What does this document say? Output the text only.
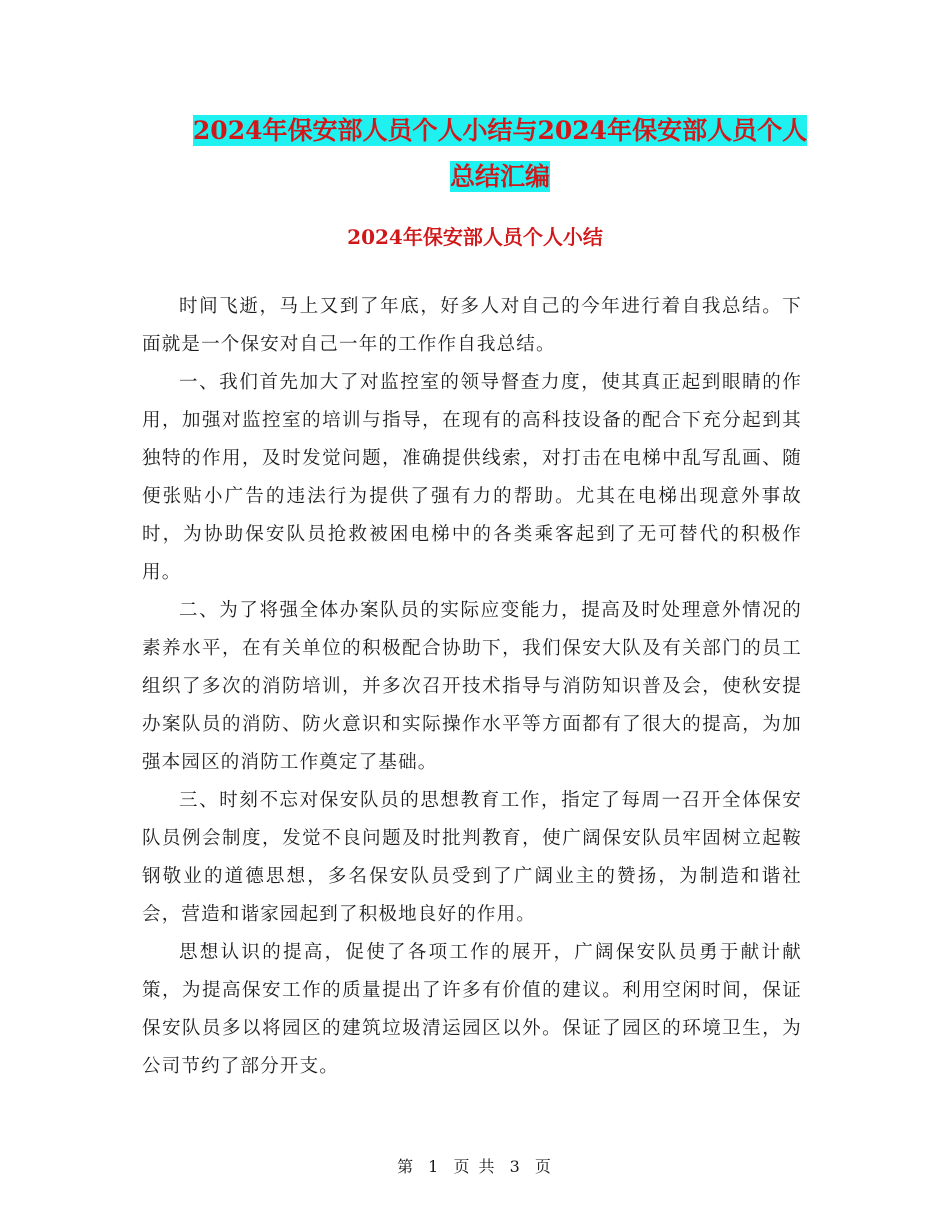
2024年保安部人员个人小结与2024年保安部人员个人
总结汇编
2024年保安部人员个人小结

时间飞逝，马上又到了年底，好多人对自己的今年进行着自我总结。下面就是一个保安对自己一年的工作作自我总结。

一、我们首先加大了对监控室的领导督查力度，使其真正起到眼睛的作用，加强对监控室的培训与指导，在现有的高科技设备的配合下充分起到其独特的作用，及时发觉问题，准确提供线索，对打击在电梯中乱写乱画、随便张贴小广告的违法行为提供了强有力的帮助。尤其在电梯出现意外事故时，为协助保安队员抢救被困电梯中的各类乘客起到了无可替代的积极作用。

二、为了将强全体办案队员的实际应变能力，提高及时处理意外情况的素养水平，在有关单位的积极配合协助下，我们保安大队及有关部门的员工组织了多次的消防培训，并多次召开技术指导与消防知识普及会，使秋安提办案队员的消防、防火意识和实际操作水平等方面都有了很大的提高，为加强本园区的消防工作奠定了基础。

三、时刻不忘对保安队员的思想教育工作，指定了每周一召开全体保安队员例会制度，发觉不良问题及时批判教育，使广阔保安队员牢固树立起鞍钢敬业的道德思想，多名保安队员受到了广阔业主的赞扬，为制造和谐社会，营造和谐家园起到了积极地良好的作用。

思想认识的提高，促使了各项工作的展开，广阔保安队员勇于献计献策，为提高保安工作的质量提出了许多有价值的建议。利用空闲时间，保证保安队员多以将园区的建筑垃圾清运园区以外。保证了园区的环境卫生，为公司节约了部分开支。

第 1 页 共 3 页
